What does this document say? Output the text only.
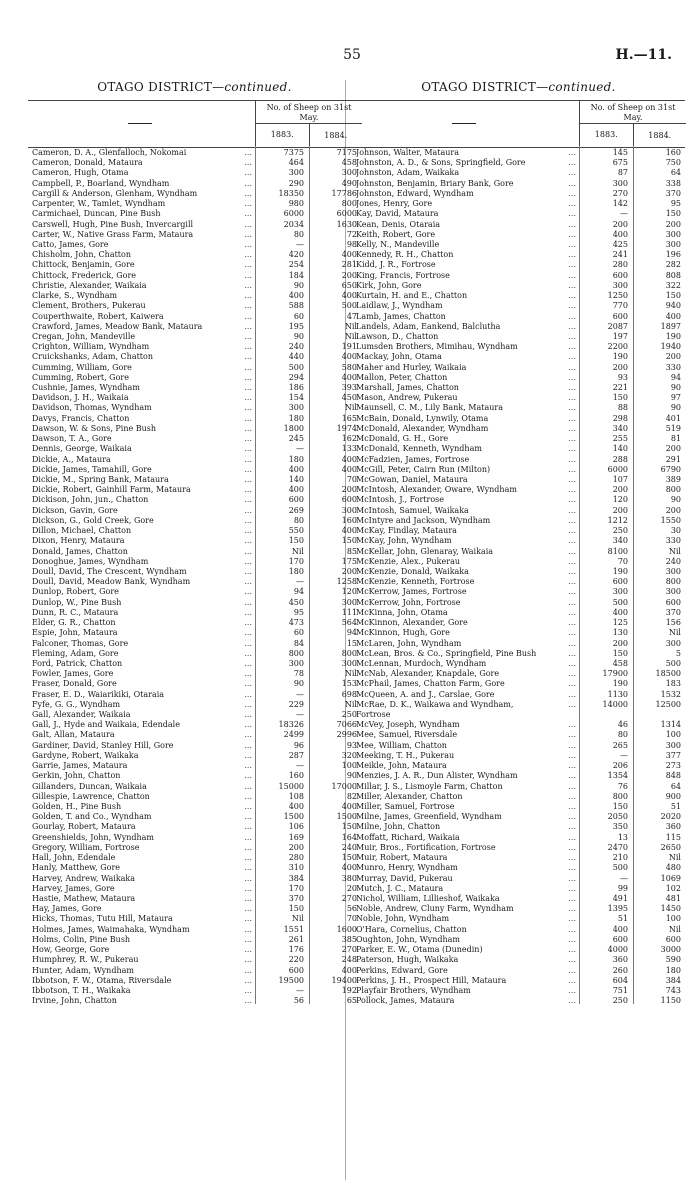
55	H.—11.
OTAGO DISTRICT—continued.
No. of Sheep on 31st May.
1883.	1884.
Cameron, D. A., Glenfalloch, Nokomai	...	7375	7175
Cameron, Donald, Mataura	...	464	458
Cameron, Hugh, Otama	...	300	300
Campbell, P., Boarland, Wyndham	...	290	490
Cargill & Anderson, Glenham, Wyndham	...	18350	17786
Carpenter, W., Tamlet, Wyndham	...	980	800
Carmichael, Duncan, Pine Bush	...	6000	6000
Carswell, Hugh, Pine Bush, Invercargill	...	2034	1630
Carter, W., Native Grass Farm, Mataura	...	80	72
Catto, James, Gore	...	—	98
Chisholm, John, Chatton	...	420	400
Chittock, Benjamin, Gore	...	254	281
Chittock, Frederick, Gore	...	184	200
Christie, Alexander, Waikaia	...	90	650
Clarke, S., Wyndham	...	400	400
Clement, Brothers, Pukerau	...	588	500
Couperthwaite, Robert, Kaiwera	...	60	47
Crawford, James, Meadow Bank, Mataura	...	195	Nil
Cregan, John, Mandeville	...	90	Nil
Crighton, William, Wyndham	...	240	191
Cruickshanks, Adam, Chatton	...	440	400
Cumming, William, Gore	...	500	580
Cumming, Robert, Gore	...	294	400
Cushnie, James, Wyndham	...	186	393
Davidson, J. H., Waikaia	...	154	450
Davidson, Thomas, Wyndham	...	300	Nil
Davys, Francis, Chatton	...	180	165
Dawson, W. & Sons, Pine Bush	...	1800	1974
Dawson, T. A., Gore	...	245	162
Dennis, George, Waikaia	...	—	133
Dickie, A., Mataura	...	180	400
Dickie, James, Tamahill, Gore	...	400	400
Dickie, M., Spring Bank, Mataura	...	140	70
Dickie, Robert, Gainhill Farm, Mataura	...	400	200
Dickison, John, jun., Chatton	...	600	600
Dickson, Gavin, Gore	...	269	300
Dickson, G., Gold Creek, Gore	...	80	160
Dillon, Michael, Chatton	...	550	400
Dixon, Henry, Mataura	...	150	150
Donald, James, Chatton	...	Nil	85
Donoghue, James, Wyndham	...	170	175
Doull, David, The Crescent, Wyndham	...	180	200
Doull, David, Meadow Bank, Wyndham	...	—	1258
Dunlop, Robert, Gore	...	94	120
Dunlop, W., Pine Bush	...	450	300
Dunn, R. C., Mataura	...	95	111
Elder, G. R., Chatton	...	473	564
Espie, John, Mataura	...	60	94
Falconer, Thomas, Gore	...	84	15
Fleming, Adam, Gore	...	800	800
Ford, Patrick, Chatton	...	300	300
Fowler, James, Gore	...	78	Nil
Fraser, Donald, Gore	...	90	153
Fraser, E. D., Waiarikiki, Otaraia	...	—	698
Fyfe, G. G., Wyndham	...	229	Nil
Gall, Alexander, Waikaia	...	—	250
Gall, J., Hyde and Waikaia, Edendale	...	18326	7066
Galt, Allan, Mataura	...	2499	2996
Gardiner, David, Stanley Hill, Gore	...	96	93
Gardyne, Robert, Waikaka	...	287	320
Garrie, James, Mataura	...	—	100
Gerkin, John, Chatton	...	160	90
Gillanders, Duncan, Waikaia	...	15000	17000
Gillespie, Lawrence, Chatton	...	108	82
Golden, H., Pine Bush	...	400	400
Golden, T. and Co., Wyndham	...	1500	1500
Gourlay, Robert, Mataura	...	106	150
Greenshields, John, Wyndham	...	169	164
Gregory, William, Fortrose	...	200	240
Hall, John, Edendale	...	280	150
Hanly, Matthew, Gore	...	310	400
Harvey, Andrew, Waikaka	...	384	380
Harvey, James, Gore	...	170	20
Hastie, Mathew, Mataura	...	370	270
Hay, James, Gore	...	150	56
Hicks, Thomas, Tutu Hill, Mataura	...	Nil	70
Holmes, James, Waimahaka, Wyndham	...	1551	1600
Holms, Colin, Pine Bush	...	261	385
How, George, Gore	...	176	270
Humphrey, R. W., Pukerau	...	220	248
Hunter, Adam, Wyndham	...	600	400
Ibbotson, F. W., Otama, Riversdale	...	19500	19400
Ibbotson, T. H., Waikaka	...	—	192
Irvine, John, Chatton	...	56	65
OTAGO DISTRICT—continued.
No. of Sheep on 31st May.
1883.	1884.
Johnson, Walter, Mataura	...	145	160
Johnston, A. D., & Sons, Springfield, Gore	...	675	750
Johnston, Adam, Waikaka	...	87	64
Johnston, Benjamin, Briary Bank, Gore	...	300	338
Johnston, Edward, Wyndham	...	270	370
Jones, Henry, Gore	...	142	95
Kay, David, Mataura	...	—	150
Kean, Denis, Otaraia	...	200	200
Keith, Robert, Gore	...	400	300
Kelly, N., Mandeville	...	425	300
Kennedy, R. H., Chatton	...	241	196
Kidd, J. R., Fortrose	...	280	282
King, Francis, Fortrose	...	600	808
Kirk, John, Gore	...	300	322
Kurtain, H. and E., Chatton	...	1250	150
Laidlaw, J., Wyndham	...	770	940
Lamb, James, Chatton	...	600	400
Landels, Adam, Eankend, Balclutha	...	2087	1897
Lawson, D., Chatton	...	197	190
Lumsden Brothers, Mimihau, Wyndham	...	2200	1940
Mackay, John, Otama	...	190	200
Maher and Hurley, Waikaia	...	200	330
Mallon, Peter, Chatton	...	93	94
Marshall, James, Chatton	...	221	90
Mason, Andrew, Pukerau	...	150	97
Maunsell, C. M., Lily Bank, Mataura	...	88	90
McBain, Donald, Lynwily, Otama	...	298	401
McDonald, Alexander, Wyndham	...	340	519
McDonald, G. H., Gore	...	255	81
McDonald, Kenneth, Wyndham	...	140	200
McFadzien, James, Fortrose	...	288	291
McGill, Peter, Cairn Run (Milton)	...	6000	6790
McGowan, Daniel, Mataura	...	107	389
McIntosh, Alexander, Oware, Wyndham	...	200	800
McIntosh, J., Fortrose	...	120	90
McIntosh, Samuel, Waikaka	...	200	200
McIntyre and Jackson, Wyndham	...	1212	1550
McKay, Findlay, Mataura	...	250	30
McKay, John, Wyndham	...	340	330
McKellar, John, Glenaray, Waikaia	...	8100	Nil
McKenzie, Alex., Pukerau	...	70	240
McKenzie, Donald, Waikaka	...	190	300
McKenzie, Kenneth, Fortrose	...	600	800
McKerrow, James, Fortrose	...	300	300
McKerrow, John, Fortrose	...	500	600
McKinna, John, Otama	...	400	370
McKinnon, Alexander, Gore	...	125	156
McKinnon, Hugh, Gore	...	130	Nil
McLaren, John, Wyndham	...	200	300
McLean, Bros. & Co., Springfield, Pine Bush	...	150	5
McLennan, Murdoch, Wyndham	...	458	500
McNab, Alexander, Knapdale, Gore	...	17900	18500
McPhail, James, Chatton Farm, Gore	...	190	183
McQueen, A. and J., Carslae, Gore	...	1130	1532
McRae, D. K., Waikawa and Wyndham,	...	14000	12500
Fortrose
McVey, Joseph, Wyndham	...	46	1314
Mee, Samuel, Riversdale	...	80	100
Mee, William, Chatton	...	265	300
Meeking, T. H., Pukerau	...	—	377
Meikle, John, Mataura	...	206	273
Menzies, J. A. R., Dun Alister, Wyndham	...	1354	848
Millar, J. S., Lismoyle Farm, Chatton	...	76	64
Miller, Alexander, Chatton	...	800	900
Miller, Samuel, Fortrose	...	150	51
Milne, James, Greenfield, Wyndham	...	2050	2020
Milne, John, Chatton	...	350	360
Moffatt, Richard, Waikaia	...	13	115
Muir, Bros., Fortification, Fortrose	...	2470	2650
Muir, Robert, Mataura	...	210	Nil
Munro, Henry, Wyndham	...	500	480
Murray, David, Pukerau	...	—	1069
Mutch, J. C., Mataura	...	99	102
Nichol, William, Lillieshof, Waikaka	...	491	481
Noble, Andrew, Cluny Farm, Wyndham	...	1395	1450
Noble, John, Wyndham	...	51	100
O'Hara, Cornelius, Chatton	...	400	Nil
Oughton, John, Wyndham	...	600	600
Parker, E. W., Otama (Dunedin)	...	4000	3000
Paterson, Hugh, Waikaka	...	360	590
Perkins, Edward, Gore	...	260	180
Perkins, J. H., Prospect Hill, Mataura	...	604	384
Playfair Brothers, Wyndham	...	751	743
Pollock, James, Mataura	...	250	1150
